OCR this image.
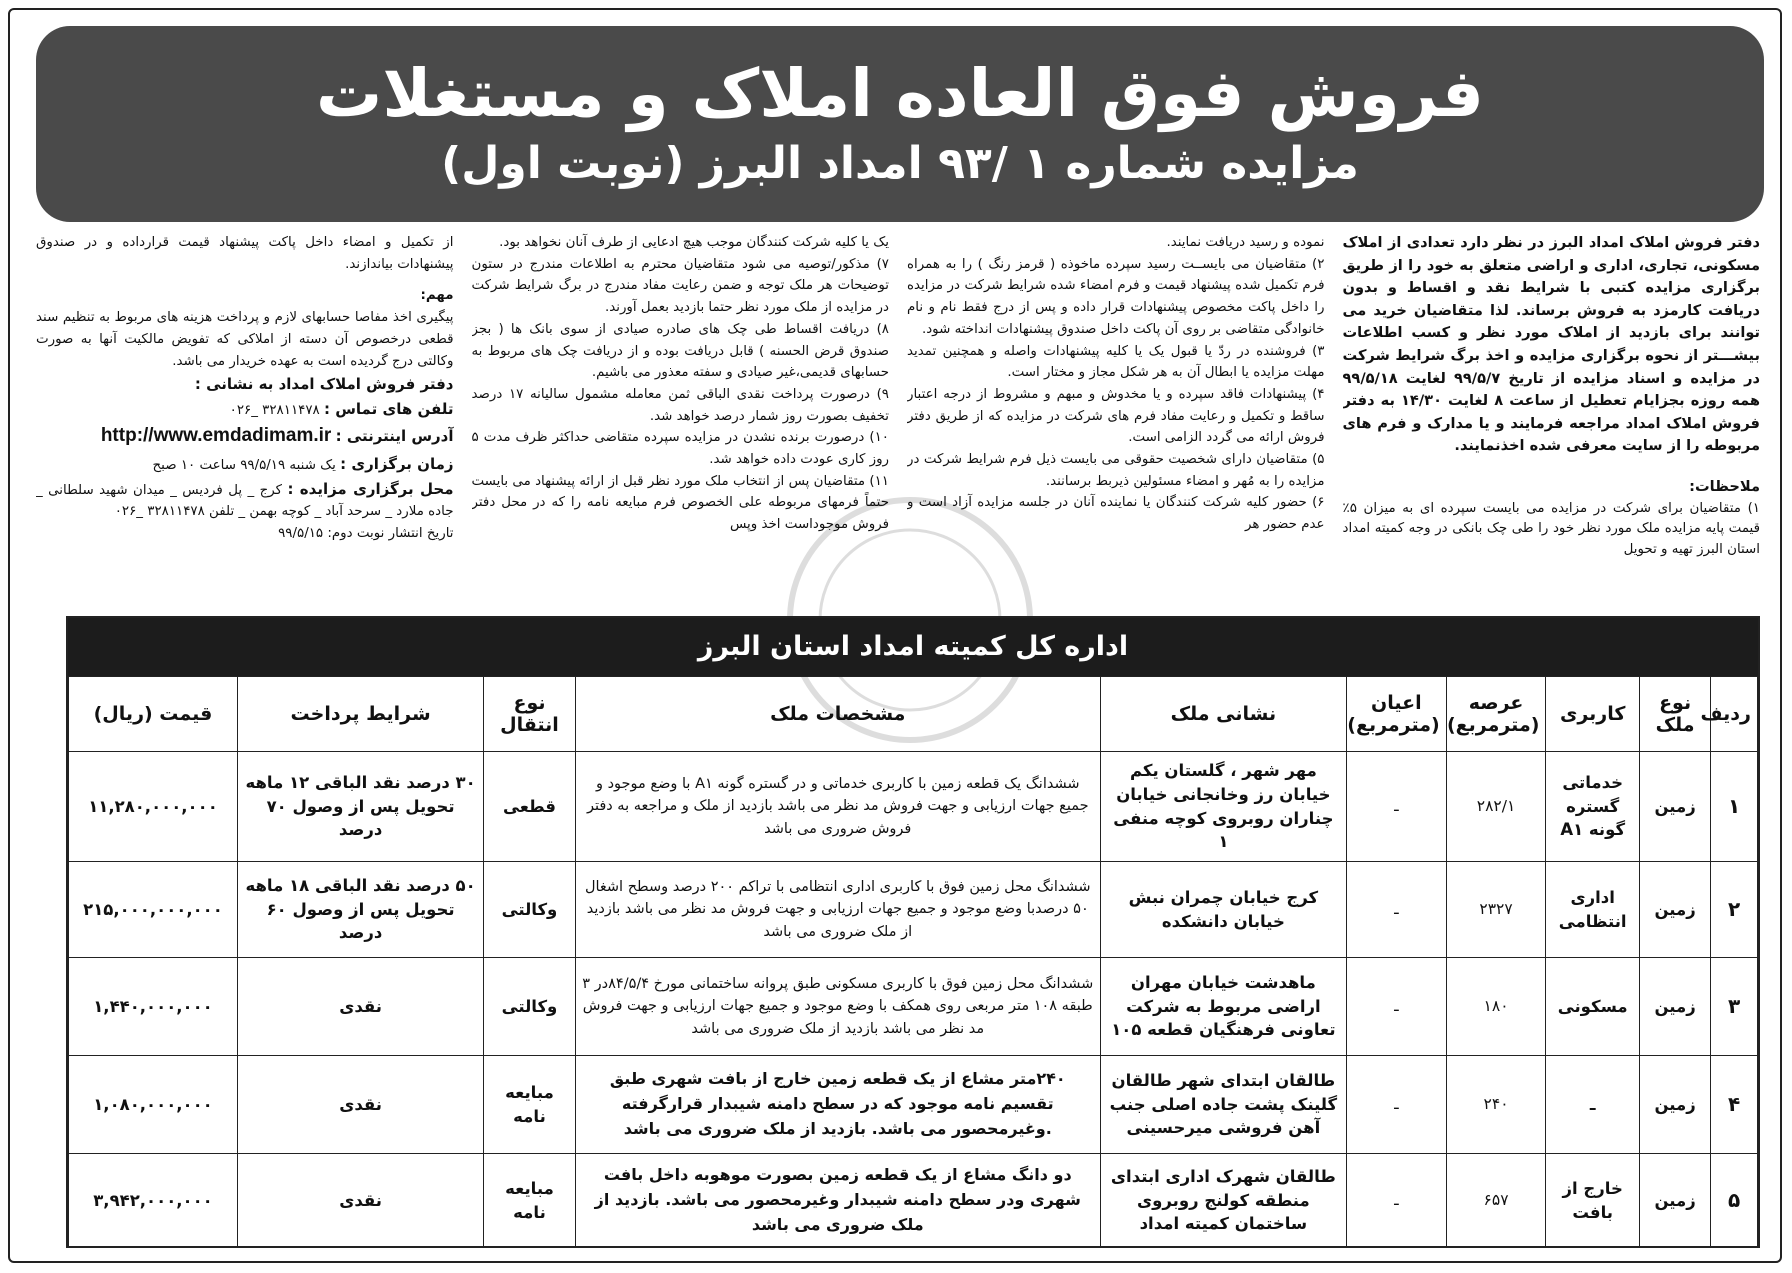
فروش فوق العاده املاک و مستغلات
مزایده شماره ۱ /۹۳ امداد البرز (نوبت اول)

دفتر فروش املاک امداد البرز در نظر دارد تعدادی از املاک مسکونی، تجاری، اداری و اراضی متعلق به خود را از طریق برگزاری مزایده کتبی با شرایط نقد و اقساط و بدون دریافت کارمزد به فروش برساند. لذا متقاضیان خرید می توانند برای بازدید از املاک مورد نظر و کسب اطلاعات بیشـــتر از نحوه برگزاری مزایده و اخذ برگ شرایط شرکت در مزایده و اسناد مزایده از تاریخ ۹۹/۵/۷ لغایت ۹۹/۵/۱۸ همه روزه بجزایام تعطیل از ساعت ۸ لغایت ۱۴/۳۰ به دفتر فروش املاک امداد مراجعه فرمایند و یا مدارک و فرم های مربوطه را از سایت معرفی شده اخذنمایند.

ملاحظات:

۱) متقاضیان برای شرکت در مزایده می بایست سپرده ای به میزان ۵٪ قیمت پایه مزایده ملک مورد نظر خود را طی چک بانکی در وجه کمیته امداد استان البرز تهیه و تحویل

نموده و رسید دریافت نمایند.

۲) متقاضیان می بایســت رسید سپرده ماخوذه ( قرمز رنگ ) را به همراه فرم تکمیل شده پیشنهاد قیمت و فرم امضاء شده شرایط شرکت در مزایده را داخل پاکت مخصوص پیشنهادات قرار داده و پس از درج فقط نام و نام خانوادگی متقاضی بر روی آن پاکت داخل صندوق پیشنهادات انداخته شود.

۳) فروشنده در ردّ یا قبول یک یا کلیه پیشنهادات واصله و همچنین تمدید مهلت مزایده یا ابطال آن به هر شکل مجاز و مختار است.

۴) پیشنهادات فاقد سپرده و یا مخدوش و مبهم و مشروط از درجه اعتبار ساقط و تکمیل و رعایت مفاد فرم های شرکت در مزایده که از طریق دفتر فروش ارائه می گردد الزامی است.

۵) متقاضیان دارای شخصیت حقوقی می بایست ذیل فرم شرایط شرکت در مزایده را به مُهر و امضاء مسئولین ذیربط برسانند.

۶) حضور کلیه شرکت کنندگان یا نماینده آنان در جلسه مزایده آزاد است و عدم حضور هر

یک یا کلیه شرکت کنندگان موجب هیچ ادعایی از طرف آنان نخواهد بود.

۷) مذکور/توصیه می شود متقاضیان محترم به اطلاعات مندرج در ستون توضیحات هر ملک توجه و ضمن رعایت مفاد مندرج در برگ شرایط شرکت در مزایده از ملک مورد نظر حتما بازدید بعمل آورند.

۸) دریافت اقساط طی چک های صادره صیادی از سوی بانک ها ( بجز صندوق قرض الحسنه ) قابل دریافت بوده و از دریافت چک های مربوط به حسابهای قدیمی،غیر صیادی و سفته معذور می باشیم.

۹) درصورت پرداخت نقدی الباقی ثمن معامله مشمول سالیانه ۱۷ درصد تخفیف بصورت روز شمار درصد خواهد شد.

۱۰) درصورت برنده نشدن در مزایده سپرده متقاضی حداکثر ظرف مدت ۵ روز کاری عودت داده خواهد شد.

۱۱) متقاضیان پس از انتخاب ملک مورد نظر قبل از ارائه پیشنهاد می بایست حتماً فرمهای مربوطه علی الخصوص فرم مبایعه نامه را که در محل دفتر فروش موجوداست اخذ وپس

از تکمیل و امضاء داخل پاکت پیشنهاد قیمت قرارداده و در صندوق پیشنهادات بیاندازند.

مهم:

پیگیری اخذ مفاصا حسابهای لازم و پرداخت هزینه های مربوط به تنظیم سند قطعی درخصوص آن دسته از املاکی که تفویض مالکیت آنها به صورت وکالتی درج گردیده است به عهده خریدار می باشد.

دفتر فروش املاک امداد به نشانی :

تلفن های تماس : ۳۲۸۱۱۴۷۸ _۰۲۶

آدرس اینترنتی : http://www.emdadimam.ir

زمان برگزاری : یک شنبه ۹۹/۵/۱۹ ساعت ۱۰ صبح

محل برگزاری مزایده : کرج _ پل فردیس _ میدان شهید سلطانی _ جاده ملارد _ سرحد آباد _ کوچه بهمن _ تلفن ۳۲۸۱۱۴۷۸ _۰۲۶

تاریخ انتشار نوبت دوم: ۹۹/۵/۱۵

اداره کل کمیته امداد استان البرز
ردیف	نوع ملک	کاربری	عرصه (مترمربع)	اعیان (مترمربع)	نشانی ملک	مشخصات ملک	نوع انتقال	شرایط پرداخت	قیمت (ریال)
۱	زمین	خدماتی گستره گونه A۱	۲۸۲/۱	ـ	مهر شهر ، گلستان یکم خیابان رز وخانجانی خیابان چناران روبروی کوچه منفی ۱	ششدانگ یک قطعه زمین با کاربری خدماتی و در گستره گونه A۱ با وضع موجود و جمیع جهات ارزیابی و جهت فروش مد نظر می باشد بازدید از ملک و مراجعه به دفتر فروش ضروری می باشد	قطعی	۳۰ درصد نقد الباقی ۱۲ ماهه تحویل پس از وصول ۷۰ درصد	۱۱,۲۸۰,۰۰۰,۰۰۰
۲	زمین	اداری انتظامی	۲۳۲۷	ـ	کرج خیابان چمران نبش خیابان دانشکده	ششدانگ محل زمین فوق با کاربری اداری انتظامی با تراکم ۲۰۰ درصد وسطح اشغال ۵۰ درصدبا وضع موجود و جمیع جهات ارزیابی و جهت فروش مد نظر می باشد بازدید از ملک ضروری می باشد	وکالتی	۵۰ درصد نقد الباقی ۱۸ ماهه تحویل پس از وصول ۶۰ درصد	۲۱۵,۰۰۰,۰۰۰,۰۰۰
۳	زمین	مسکونی	۱۸۰	ـ	ماهدشت خیابان مهران اراضی مربوط به شرکت تعاونی فرهنگیان قطعه ۱۰۵	ششدانگ محل زمین فوق با کاربری مسکونی طبق پروانه ساختمانی مورخ ۸۴/۵/۴در ۳ طبقه ۱۰۸ متر مربعی روی همکف با وضع موجود و جمیع جهات ارزیابی و جهت فروش مد نظر می باشد بازدید از ملک ضروری می باشد	وکالتی	نقدی	۱,۴۴۰,۰۰۰,۰۰۰
۴	زمین	ـ	۲۴۰	ـ	طالقان ابتدای شهر طالقان گلینک پشت جاده اصلی جنب آهن فروشی میرحسینی	۲۴۰متر مشاع از یک قطعه زمین خارج از بافت شهری طبق تقسیم نامه موجود که در سطح دامنه شیبدار قرارگرفته .وغیرمحصور می باشد. بازدید از ملک ضروری می باشد	مبایعه نامه	نقدی	۱,۰۸۰,۰۰۰,۰۰۰
۵	زمین	خارج از بافت	۶۵۷	ـ	طالقان شهرک اداری ابتدای منطقه کولنج روبروی ساختمان کمیته امداد	دو دانگ مشاع از یک قطعه زمین بصورت موهوبه داخل بافت شهری ودر سطح دامنه شیبدار وغیرمحصور می باشد. بازدید از ملک ضروری می باشد	مبایعه نامه	نقدی	۳,۹۴۲,۰۰۰,۰۰۰
